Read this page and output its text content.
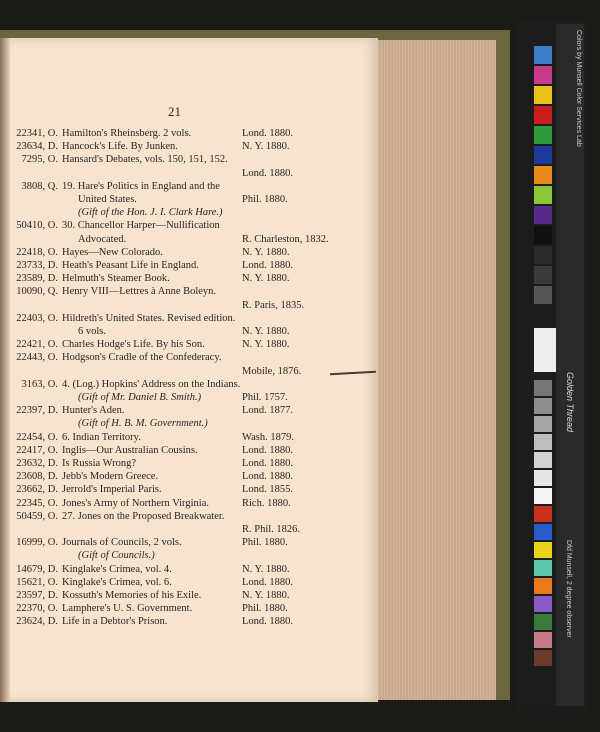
21
22341, O. Hamilton's Rheinsberg. 2 vols.	Lond. 1880.
23634, D. Hancock's Life. By Junken.	N. Y. 1880.
7295, O. Hansard's Debates, vols. 150, 151, 152.
Lond. 1880.
3808, Q. 19. Hare's Politics in England and the
United States.	Phil. 1880.
(Gift of the Hon. J. I. Clark Hare.)
50410, O. 30. Chancellor Harper—Nullification
Advocated.	R. Charleston, 1832.
22418, O. Hayes—New Colorado.	N. Y. 1880.
23733, D. Heath's Peasant Life in England.	Lond. 1880.
23589, D. Helmuth's Steamer Book.	N. Y. 1880.
10090, Q. Henry VIII—Lettres à Anne Boleyn.
R. Paris, 1835.
22403, O. Hildreth's United States. Revised edition.
6 vols.	N. Y. 1880.
22421, O. Charles Hodge's Life. By his Son.	N. Y. 1880.
22443, O. Hodgson's Cradle of the Confederacy.
Mobile, 1876.
3163, O. 4. (Log.) Hopkins' Address on the Indians.
(Gift of Mr. Daniel B. Smith.)	Phil. 1757.
22397, D. Hunter's Aden.	Lond. 1877.
(Gift of H. B. M. Government.)
22454, O. 6. Indian Territory.	Wash. 1879.
22417, O. Inglis—Our Australian Cousins.	Lond. 1880.
23632, D. Is Russia Wrong?	Lond. 1880.
23608, D. Jebb's Modern Greece.	Lond. 1880.
23662, D. Jerrold's Imperial Paris.	Lond. 1855.
22345, O. Jones's Army of Northern Virginia.	Rich. 1880.
50459, O. 27. Jones on the Proposed Breakwater.
R. Phil. 1826.
16999, O. Journals of Councils, 2 vols.	Phil. 1880.
(Gift of Councils.)
14679, D. Kinglake's Crimea, vol. 4.	N. Y. 1880.
15621, O. Kinglake's Crimea, vol. 6.	Lond. 1880.
23597, D. Kossuth's Memories of his Exile.	N. Y. 1880.
22370, O. Lamphere's U. S. Government.	Phil. 1880.
23624, D. Life in a Debtor's Prison.	Lond. 1880.
Colors by Munsell Color Services Lab
Dfd Munsell, 2 degree observer
Golden Thread
